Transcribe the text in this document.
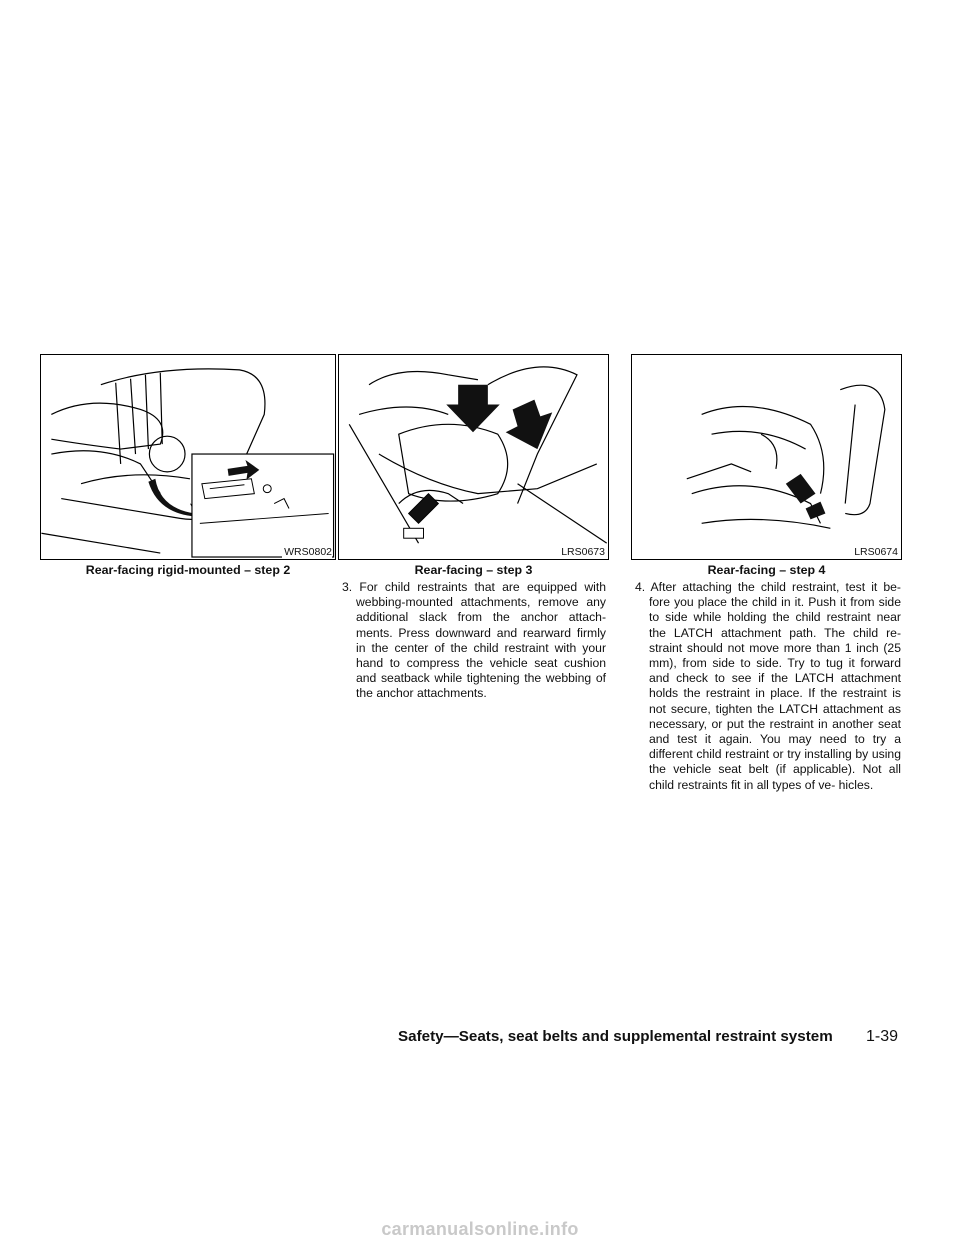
WRS0802
Rear-facing rigid-mounted – step 2
LRS0673
Rear-facing – step 3
LRS0674
Rear-facing – step 4

3. For child restraints that are equipped with webbing-mounted attachments, remove any additional slack from the anchor attach- ments. Press downward and rearward firmly in the center of the child restraint with your hand to compress the vehicle seat cushion and seatback while tightening the webbing of the anchor attachments.

4. After attaching the child restraint, test it be- fore you place the child in it. Push it from side to side while holding the child restraint near the LATCH attachment path. The child re- straint should not move more than 1 inch (25 mm), from side to side. Try to tug it forward and check to see if the LATCH attachment holds the restraint in place. If the restraint is not secure, tighten the LATCH attachment as necessary, or put the restraint in another seat and test it again. You may need to try a different child restraint or try installing by using the vehicle seat belt (if applicable). Not all child restraints fit in all types of ve- hicles.

Safety—Seats, seat belts and supplemental restraint system 1-39
carmanualsonline.info
